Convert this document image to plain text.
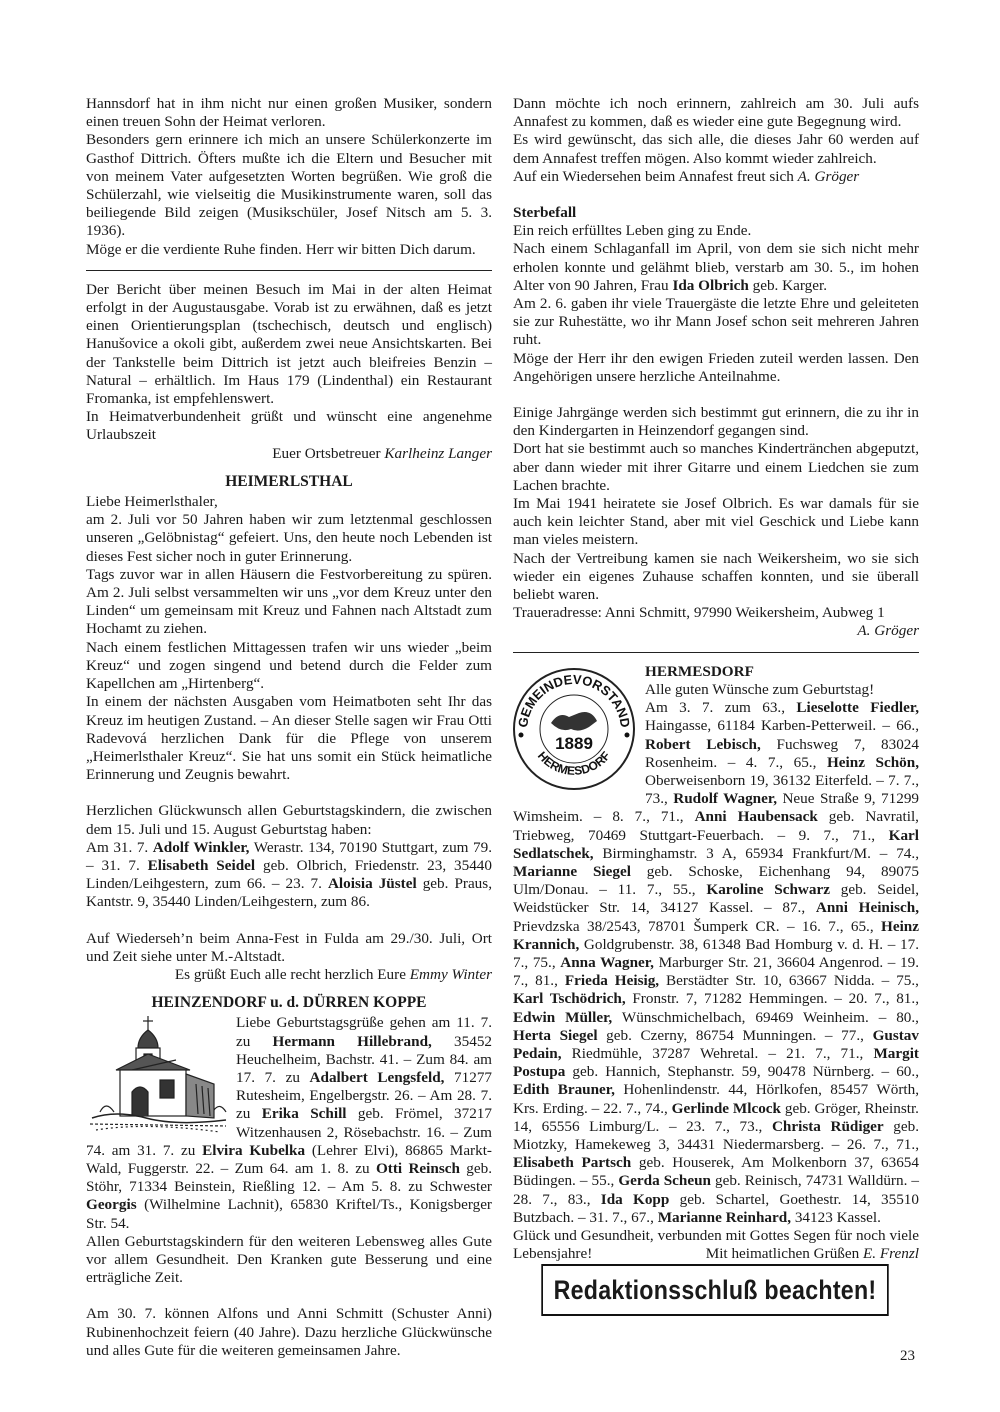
Hannsdorf hat in ihm nicht nur einen großen Musiker, sondern einen treuen Sohn der Heimat verloren.

Besonders gern erinnere ich mich an unsere Schülerkonzerte im Gasthof Dittrich. Öfters mußte ich die Eltern und Besucher mit von meinem Vater aufgesetzten Worten begrüßen. Wie groß die Schülerzahl, wie vielseitig die Musikinstrumente waren, soll das beiliegende Bild zeigen (Musikschüler, Josef Nitsch am 5. 3. 1936).

Möge er die verdiente Ruhe finden. Herr wir bitten Dich darum.

Der Bericht über meinen Besuch im Mai in der alten Heimat erfolgt in der Augustausgabe. Vorab ist zu erwähnen, daß es jetzt einen Orientierungsplan (tschechisch, deutsch und englisch) Hanušovice a okoli gibt, außerdem zwei neue Ansichtskarten. Bei der Tankstelle beim Dittrich ist jetzt auch bleifreies Benzin – Natural – erhältlich. Im Haus 179 (Lindenthal) ein Restaurant Fromanka, ist empfehlenswert.

In Heimatverbundenheit grüßt und wünscht eine angenehme Urlaubszeit

Euer Ortsbetreuer Karlheinz Langer

HEIMERLSTHAL

Liebe Heimerlsthaler,

am 2. Juli vor 50 Jahren haben wir zum letztenmal geschlossen unseren „Gelöbnistag“ gefeiert. Uns, den heute noch Lebenden ist dieses Fest sicher noch in guter Erinnerung.

Tags zuvor war in allen Häusern die Festvorbereitung zu spüren. Am 2. Juli selbst versammelten wir uns „vor dem Kreuz unter den Linden“ um gemeinsam mit Kreuz und Fahnen nach Altstadt zum Hochamt zu ziehen.

Nach einem festlichen Mittagessen trafen wir uns wieder „beim Kreuz“ und zogen singend und betend durch die Felder zum Kapellchen am „Hirtenberg“.

In einem der nächsten Ausgaben vom Heimatboten seht Ihr das Kreuz im heutigen Zustand. – An dieser Stelle sagen wir Frau Otti Radevová herzlichen Dank für die Pflege von unserem „Heimerlsthaler Kreuz“. Sie hat uns somit ein Stück heimatliche Erinnerung und Zeugnis bewahrt.

Herzlichen Glückwunsch allen Geburtstagskindern, die zwischen dem 15. Juli und 15. August Geburtstag haben:

Am 31. 7. Adolf Winkler, Werastr. 134, 70190 Stuttgart, zum 79. – 31. 7. Elisabeth Seidel geb. Olbrich, Friedenstr. 23, 35440 Linden/Leihgestern, zum 66. – 23. 7. Aloisia Jüstel geb. Praus, Kantstr. 9, 35440 Linden/Leihgestern, zum 86.

Auf Wiederseh’n beim Anna-Fest in Fulda am 29./30. Juli, Ort und Zeit siehe unter M.-Altstadt.

Es grüßt Euch alle recht herzlich Eure Emmy Winter

HEINZENDORF u. d. DÜRREN KOPPE

Liebe Geburtstagsgrüße gehen am 11. 7. zu Hermann Hillebrand, 35452 Heuchelheim, Bachstr. 41. – Zum 84. am 17. 7. zu Adalbert Lengsfeld, 71277 Rutesheim, Engelbergstr. 26. – Am 28. 7. zu Erika Schill geb. Frömel, 37217 Witzenhausen 2, Rösebachstr. 16. – Zum 74. am 31. 7. zu Elvira Kubelka (Lehrer Elvi), 86865 Markt-Wald, Fuggerstr. 22. – Zum 64. am 1. 8. zu Otti Reinsch geb. Stöhr, 71334 Beinstein, Rießling 12. – Am 5. 8. zu Schwester Georgis (Wilhelmine Lachnit), 65830 Kriftel/Ts., Konigsberger Str. 54.

Allen Geburtstagskindern für den weiteren Lebensweg alles Gute vor allem Gesundheit. Den Kranken gute Besserung und eine erträgliche Zeit.

Am 30. 7. können Alfons und Anni Schmitt (Schuster Anni) Rubinenhochzeit feiern (40 Jahre). Dazu herzliche Glückwünsche und alles Gute für die weiteren gemeinsamen Jahre.

Dann möchte ich noch erinnern, zahlreich am 30. Juli aufs Annafest zu kommen, daß es wieder eine gute Begegnung wird.

Es wird gewünscht, das sich alle, die dieses Jahr 60 werden auf dem Annafest treffen mögen. Also kommt wieder zahlreich.

Auf ein Wiedersehen beim Annafest freut sich A. Gröger

Sterbefall

Ein reich erfülltes Leben ging zu Ende.

Nach einem Schlaganfall im April, von dem sie sich nicht mehr erholen konnte und gelähmt blieb, verstarb am 30. 5., im hohen Alter von 90 Jahren, Frau Ida Olbrich geb. Karger.

Am 2. 6. gaben ihr viele Trauergäste die letzte Ehre und geleiteten sie zur Ruhestätte, wo ihr Mann Josef schon seit mehreren Jahren ruht.

Möge der Herr ihr den ewigen Frieden zuteil werden lassen. Den Angehörigen unsere herzliche Anteilnahme.

Einige Jahrgänge werden sich bestimmt gut erinnern, die zu ihr in den Kindergarten in Heinzendorf gegangen sind.

Dort hat sie bestimmt auch so manches Kindertränchen abgeputzt, aber dann wieder mit ihrer Gitarre und einem Liedchen sie zum Lachen brachte.

Im Mai 1941 heiratete sie Josef Olbrich. Es war damals für sie auch kein leichter Stand, aber mit viel Geschick und Liebe kann man vieles meistern.

Nach der Vertreibung kamen sie nach Weikersheim, wo sie sich wieder ein eigenes Zuhause schaffen konnten, und sie überall beliebt waren.

Traueradresse: Anni Schmitt, 97990 Weikersheim, Aubweg 1

A. Gröger

GEMEINDEVORSTAND
HERMESDORF
1889

HERMESDORF

Alle guten Wünsche zum Geburtstag!

Am 3. 7. zum 63., Lieselotte Fiedler, Haingasse, 61184 Karben-Petterweil. – 66., Robert Lebisch, Fuchsweg 7, 83024 Rosenheim. – 4. 7., 65., Heinz Schön, Oberweisenborn 19, 36132 Eiterfeld. – 7. 7., 73., Rudolf Wagner, Neue Straße 9, 71299 Wimsheim. – 8. 7., 71., Anni Haubensack geb. Navratil, Triebweg, 70469 Stuttgart-Feuerbach. – 9. 7., 71., Karl Sedlatschek, Birminghamstr. 3 A, 65934 Frankfurt/M. – 74., Marianne Siegel geb. Schoske, Eichenhang 94, 89075 Ulm/Donau. – 11. 7., 55., Karoline Schwarz geb. Seidel, Weidstücker Str. 14, 34127 Kassel. – 87., Anni Heinisch, Prievdzska 38/2543, 78701 Šumperk CR. – 16. 7., 65., Heinz Krannich, Goldgrubenstr. 38, 61348 Bad Homburg v. d. H. – 17. 7., 75., Anna Wagner, Marburger Str. 21, 36604 Angenrod. – 19. 7., 81., Frieda Heisig, Berstädter Str. 10, 63667 Nidda. – 75., Karl Tschödrich, Fronstr. 7, 71282 Hemmingen. – 20. 7., 81., Edwin Müller, Wünschmichelbach, 69469 Weinheim. – 80., Herta Siegel geb. Czerny, 86754 Munningen. – 77., Gustav Pedain, Riedmühle, 37287 Wehretal. – 21. 7., 71., Margit Postupa geb. Hannich, Stephanstr. 59, 90478 Nürnberg. – 60., Edith Brauner, Hohenlindenstr. 44, Hörlkofen, 85457 Wörth, Krs. Erding. – 22. 7., 74., Gerlinde Mlcock geb. Gröger, Rheinstr. 14, 65556 Limburg/L. – 23. 7., 73., Christa Rüdiger geb. Miotzky, Hamekeweg 3, 34431 Niedermarsberg. – 26. 7., 71., Elisabeth Partsch geb. Houserek, Am Molkenborn 37, 63654 Büdingen. – 55., Gerda Scheun geb. Reinisch, 74731 Walldürn. – 28. 7., 83., Ida Kopp geb. Schartel, Goethestr. 14, 35510 Butzbach. – 31. 7., 67., Marianne Reinhard, 34123 Kassel.

Glück und Gesundheit, verbunden mit Gottes Segen für noch viele Lebensjahre!	Mit heimatlichen Grüßen E. Frenzl
Redaktionsschluß beachten!
23
